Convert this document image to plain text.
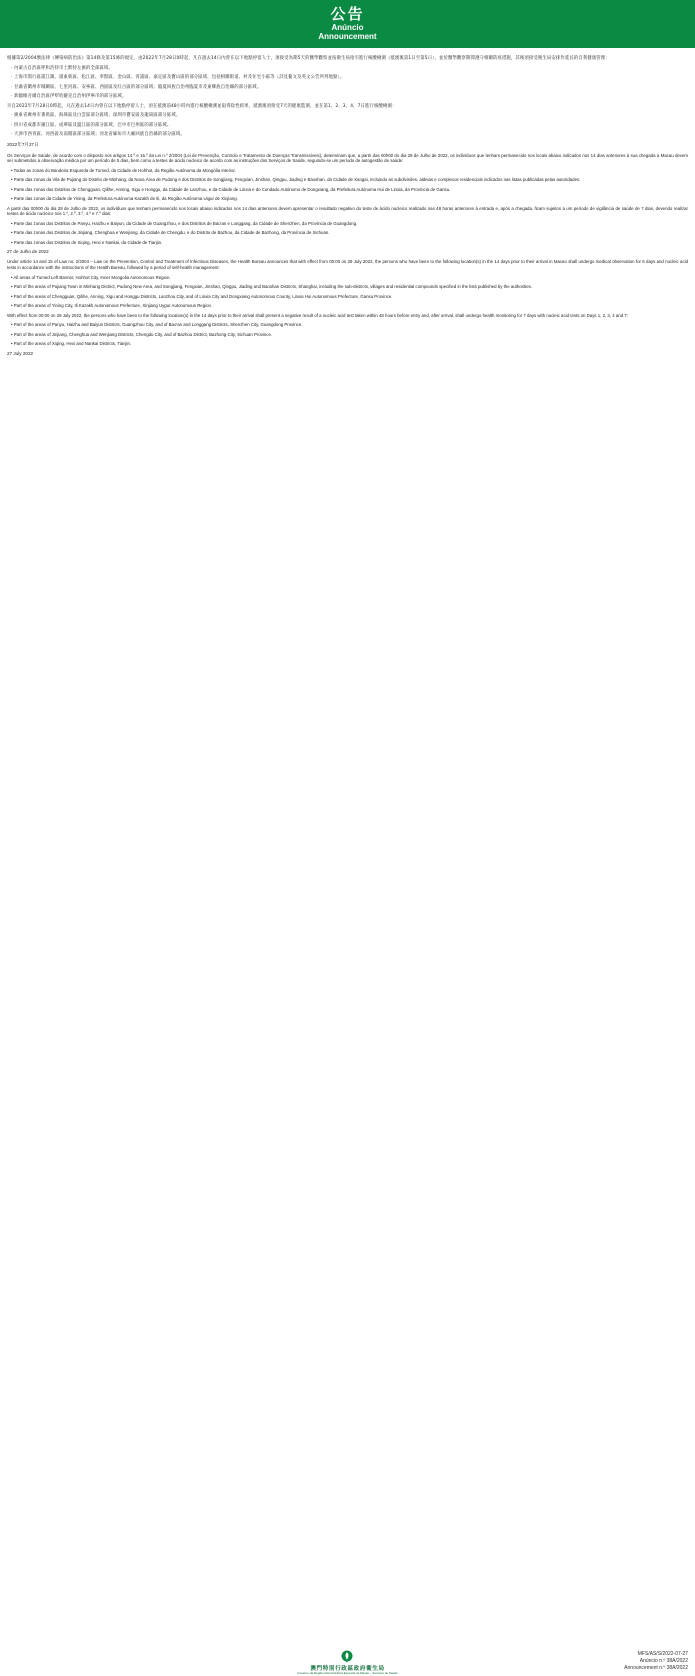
公告
Anúncio
Announcement

根據第2/2004號法律《傳染病防治法》第14條及第15條的規定，由2022年7月28日0時起，凡在過去14日內曾在以下地點停留人士，須接受為期5天的醫學觀察並按衛生局指引進行核酸檢測（抵澳後第1日至第5日），並於醫學觀察期間遵守相關防疫措施，其後須接受衛生局安排作延長的自我健康管理：

· 內蒙古自治區呼和浩特市土默特左旗的全部區域。

· 上海市閔行區浦江鎮、浦東新區、松江區、奉賢區、金山區、青浦區、嘉定區及寶山區的部分區域，包括相關街道、村及住宅小區等（詳見葡文及英文公告所列地點）。

· 甘肅省蘭州市城關區、七里河區、安寧區、西固區及紅古區的部分區域；臨夏回族自治州臨夏市及東鄉族自治縣的部分區域。

· 新疆維吾爾自治區伊犁哈薩克自治州伊寧市的部分區域。

另自2022年7月28日0時起，凡在過去14日內曾在以下地點停留人士，須在抵澳前48小時內進行核酸檢測並取得陰性結果，抵澳後須接受7天的健康監測，並在第1、2、3、4、7日進行核酸檢測：

· 廣東省廣州市番禺區、海珠區及白雲區部分區域；深圳市寶安區及龍崗區部分區域。

· 四川省成都市錦江區、成華區及溫江區的部分區域；巴中市巴州區的部分區域。

· 天津市西青區、河西區及南開區部分區域；河北省廊坊市大廠回族自治縣的部分區域。

2022年7月27日

Os Serviços de Saúde, de acordo com o disposto nos artigos 14.º e 15.º da Lei n.º 2/2004 (Lei de Prevenção, Controlo e Tratamento de Doenças Transmissíveis), determinam que, a partir das 00h00 do dia 28 de Julho de 2022, os indivíduos que tenham permanecido nos locais abaixo indicados nos 14 dias anteriores à sua chegada a Macau devem ser submetidos a observação médica por um período de 5 dias, bem como a testes de ácido nucleico de acordo com as instruções dos Serviços de Saúde, seguindo-se um período de autogestão de saúde:

• Todas as zonas do Bandeira Esquerda de Tumed, da Cidade de Hohhot, da Região Autónoma da Mongólia Interior.

• Parte das zonas da Vila de Pujiang do Distrito de Minhang, da Nova Área de Pudong e dos Distritos de Songjiang, Fengxian, Jinshan, Qingpu, Jiading e Baoshan, da Cidade de Xangai, incluindo as subdivisões, aldeias e complexos residenciais indicados nas listas publicadas pelas autoridades.

• Parte das zonas dos Distritos de Chengguan, Qilihe, Anning, Xigu e Honggu, da Cidade de Lanzhou, e da Cidade de Linxia e do Condado Autónomo de Dongxiang, da Prefeitura Autónoma Hui de Linxia, da Província de Gansu.

• Parte das zonas da Cidade de Yining, da Prefeitura Autónoma Kazakh de Ili, da Região Autónoma Uigur de Xinjiang.

A partir das 00h00 do dia 28 de Julho de 2022, os indivíduos que tenham permanecido nos locais abaixo indicados nos 14 dias anteriores devem apresentar o resultado negativo do teste de ácido nucleico realizado nas 48 horas anteriores à entrada e, após a chegada, ficam sujeitos a um período de vigilância de saúde de 7 dias, devendo realizar testes de ácido nucleico nos 1.º, 2.º, 3.º, 4.º e 7.º dias:

• Parte das zonas dos Distritos de Panyu, Haizhu e Baiyun, da Cidade de Guangzhou, e dos Distritos de Bao'an e Longgang, da Cidade de Shenzhen, da Província de Guangdong.

• Parte das zonas dos Distritos de Jinjiang, Chenghua e Wenjiang, da Cidade de Chengdu, e do Distrito de Bazhou, da Cidade de Bazhong, da Província de Sichuan.

• Parte das zonas dos Distritos de Xiqing, Hexi e Nankai, da Cidade de Tianjin.

27 de Julho de 2022

Under article 14 and 15 of Law no. 2/2004 – Law on the Prevention, Control and Treatment of Infectious Diseases, the Health Bureau announces that with effect from 00:00 on 28 July 2022, the persons who have been to the following location(s) in the 14 days prior to their arrival in Macao shall undergo medical observation for 5 days and nucleic acid tests in accordance with the instructions of the Health Bureau, followed by a period of self-health management:

• All areas of Tumed Left Banner, Hohhot City, Inner Mongolia Autonomous Region.

• Part of the areas of Pujiang Town in Minhang District, Pudong New Area, and Songjiang, Fengxian, Jinshan, Qingpu, Jiading and Baoshan Districts, Shanghai, including the sub-districts, villages and residential compounds specified in the lists published by the authorities.

• Part of the areas of Chengguan, Qilihe, Anning, Xigu and Honggu Districts, Lanzhou City, and of Linxia City and Dongxiang Autonomous County, Linxia Hui Autonomous Prefecture, Gansu Province.

• Part of the areas of Yining City, Ili Kazakh Autonomous Prefecture, Xinjiang Uygur Autonomous Region.

With effect from 00:00 on 28 July 2022, the persons who have been to the following location(s) in the 14 days prior to their arrival shall present a negative result of a nucleic acid test taken within 48 hours before entry and, after arrival, shall undergo health monitoring for 7 days with nucleic acid tests on Days 1, 2, 3, 4 and 7:

• Part of the areas of Panyu, Haizhu and Baiyun Districts, Guangzhou City, and of Bao'an and Longgang Districts, Shenzhen City, Guangdong Province.

• Part of the areas of Jinjiang, Chenghua and Wenjiang Districts, Chengdu City, and of Bazhou District, Bazhong City, Sichuan Province.

• Part of the areas of Xiqing, Hexi and Nankai Districts, Tianjin.

27 July 2022

澳門特別行政區政府衛生局
Governo da Região Administrativa Especial de Macau – Serviços de Saúde
MFS/AS/S/2022-07-27
Anúncio n.º 38A/2022
Announcement n.º 38A/2022
